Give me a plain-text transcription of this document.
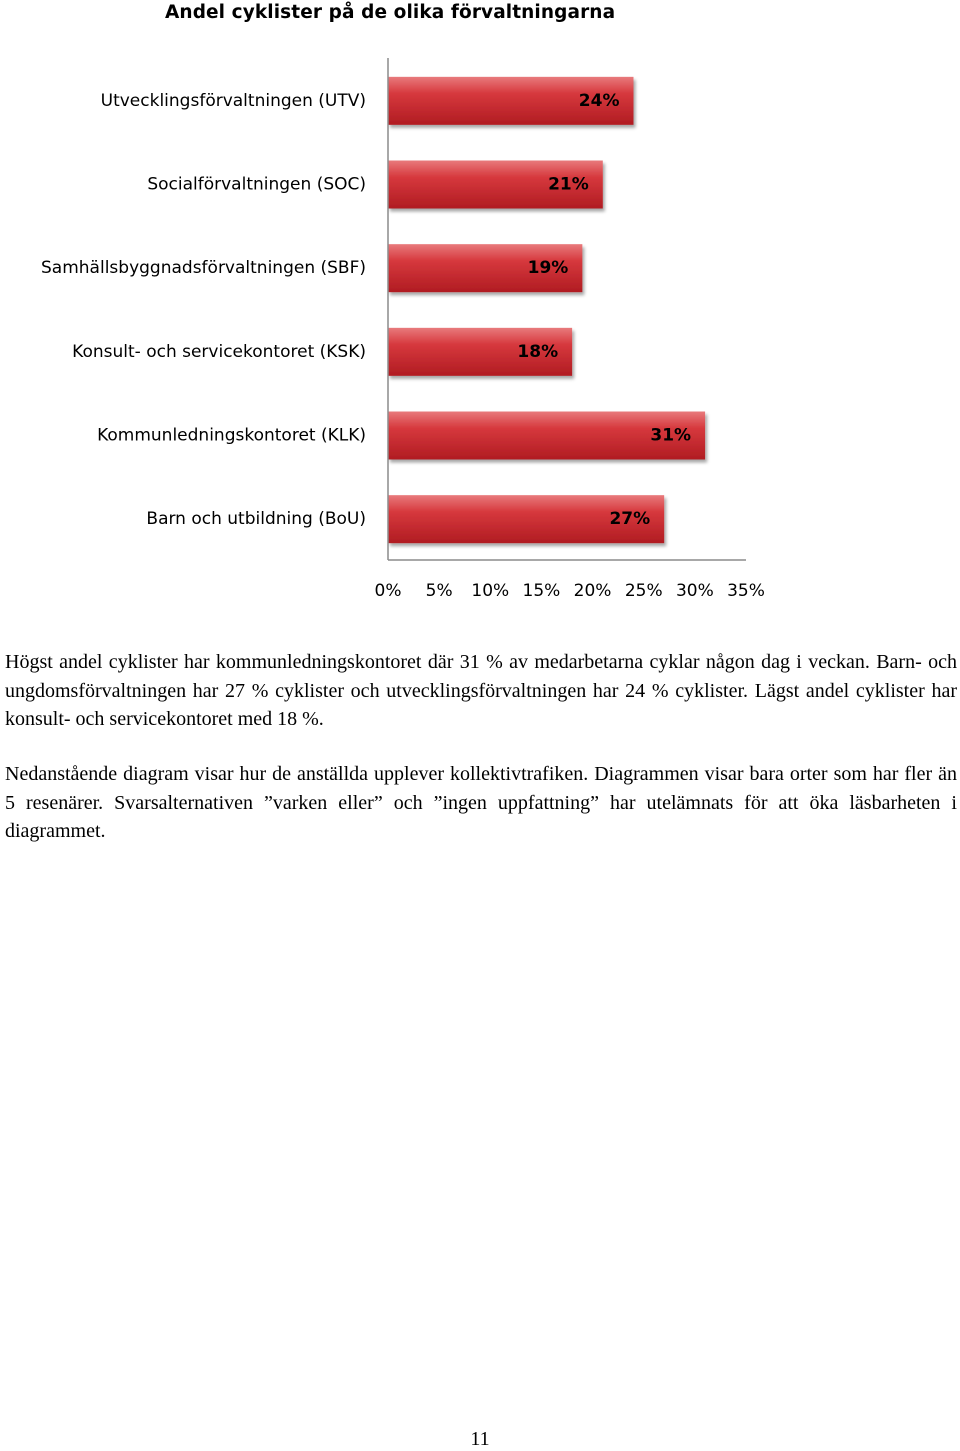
Andel cyklister på de olika förvaltningarna
24%
21%
19%
18%
31%
27%
Utvecklingsförvaltningen (UTV)
Socialförvaltningen (SOC)
Samhällsbyggnadsförvaltningen (SBF)
Konsult- och servicekontoret (KSK)
Kommunledningskontoret (KLK)
Barn och utbildning (BoU)
0% 5% 10% 15% 20% 25% 30% 35%

Högst andel cyklister har kommunledningskontoret där 31 % av medarbetarna cyklar någon dag i veckan. Barn- och ungdomsförvaltningen har 27 % cyklister och utvecklingsförvaltningen har 24 % cyklister. Lägst andel cyklister har konsult- och servicekontoret med 18 %.

Nedanstående diagram visar hur de anställda upplever kollektivtrafiken. Diagrammen visar bara orter som har fler än 5 resenärer. Svarsalternativen ”varken eller” och ”ingen uppfattning” har utelämnats för att öka läsbarheten i diagrammet.

11
